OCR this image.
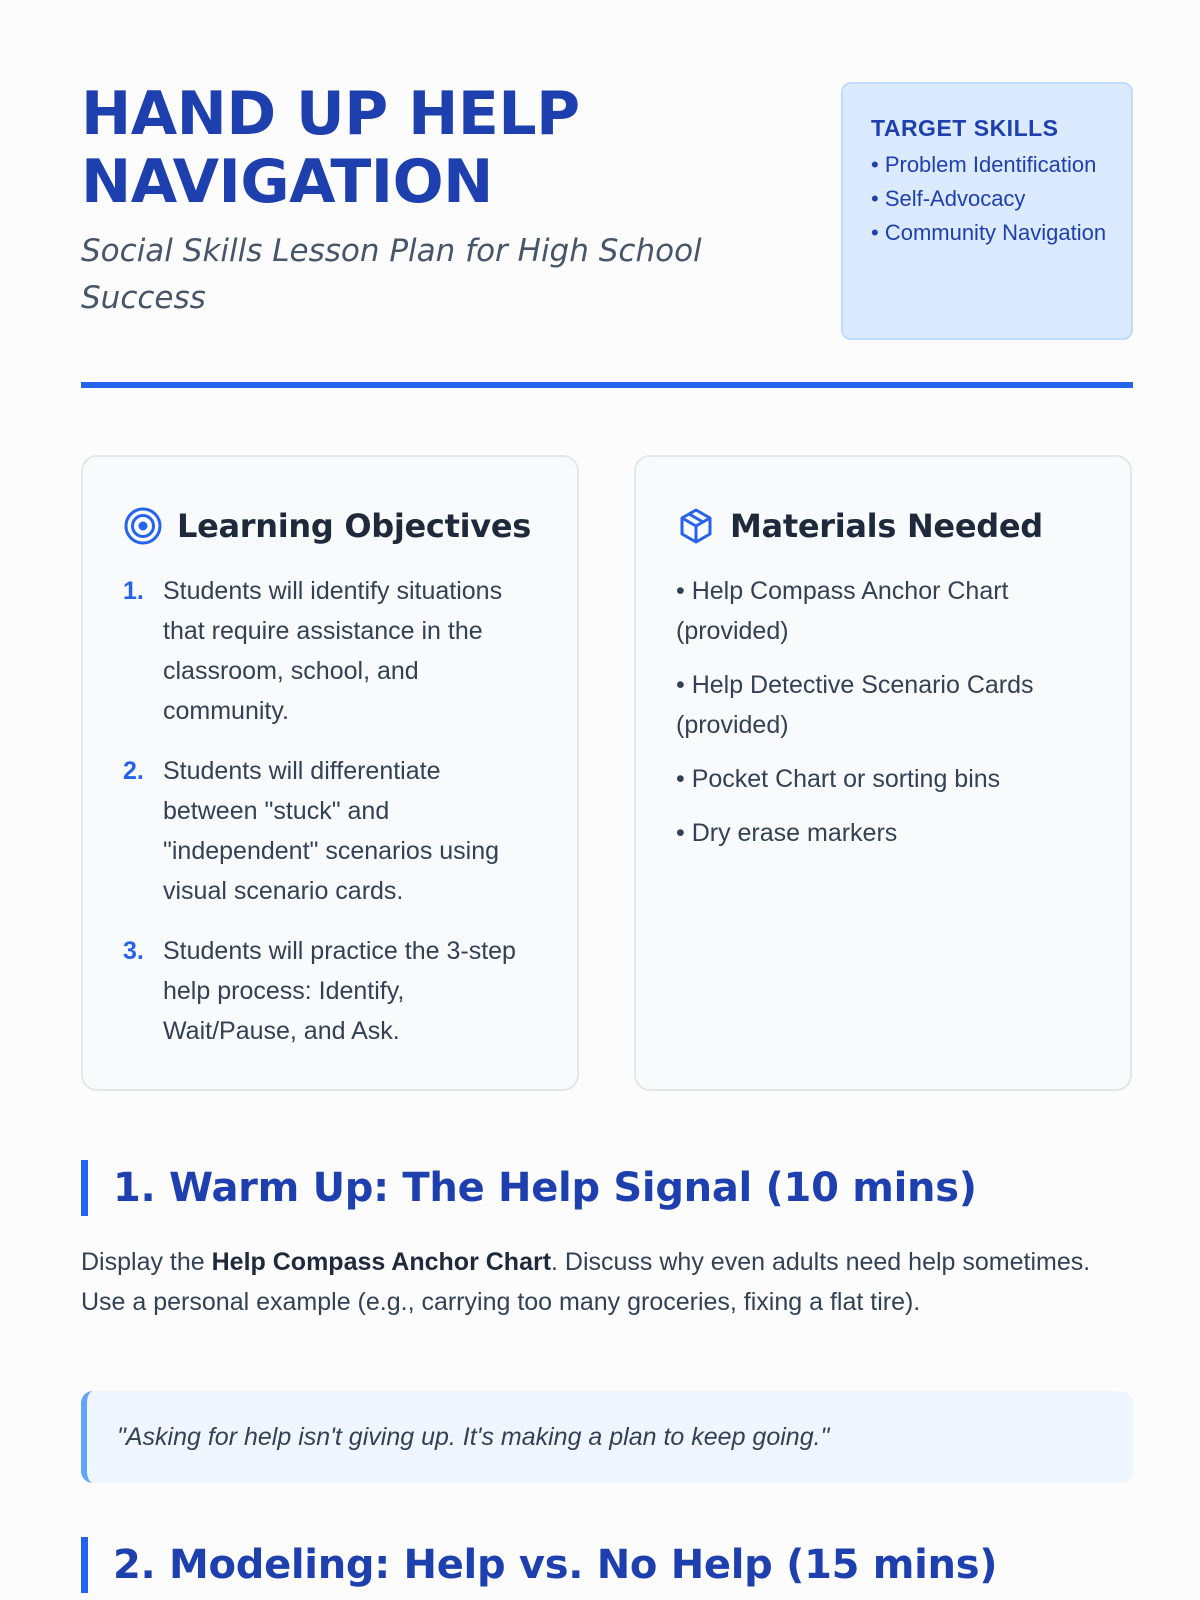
HAND UP HELP
NAVIGATION

Social Skills Lesson Plan for High School Success

TARGET SKILLS
• Problem Identification
• Self-Advocacy
• Community Navigation
Learning Objectives
1. Students will identify situations that require assistance in the classroom, school, and community.
2. Students will differentiate between "stuck" and "independent" scenarios using visual scenario cards.
3. Students will practice the 3-step help process: Identify, Wait/Pause, and Ask.
Materials Needed
• Help Compass Anchor Chart (provided)
• Help Detective Scenario Cards (provided)
• Pocket Chart or sorting bins
• Dry erase markers
1. Warm Up: The Help Signal (10 mins)

Display the Help Compass Anchor Chart. Discuss why even adults need help sometimes. Use a personal example (e.g., carrying too many groceries, fixing a flat tire).

"Asking for help isn't giving up. It's making a plan to keep going."
2. Modeling: Help vs. No Help (15 mins)
